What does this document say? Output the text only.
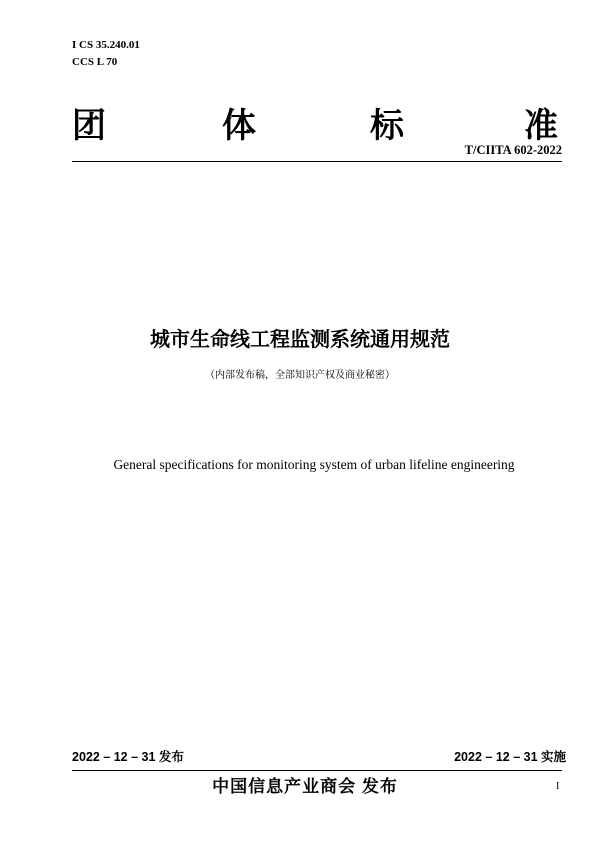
I CS 35.240.01
CCS L 70
团	体	标	准
T/CIITA 602-2022
城市生命线工程监测系统通用规范
（内部发布稿，全部知识产权及商业秘密）
General specifications for monitoring system of urban lifeline engineering
2022 – 12 – 31 发布	2022 – 12 – 31 实施
中国信息产业商会 发布	I
